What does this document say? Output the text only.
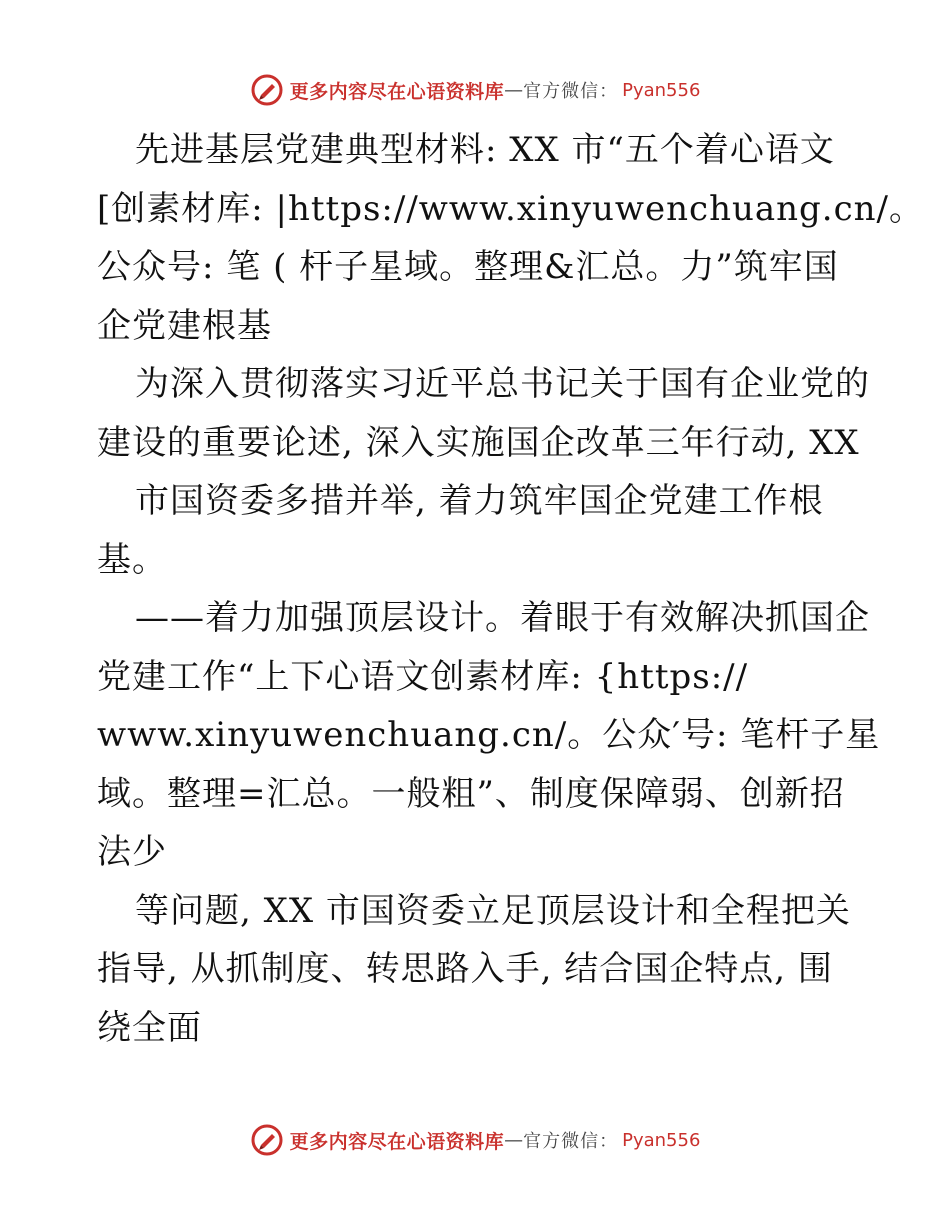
更多内容尽在心语资料库 — 官方微信： Pyan556
先进基层党建典型材料: XX 市“五个着心语文
[创素材库: |https://www.xinyuwenchuang.cn/。
公众号: 笔 ( 杆子星域。整理&汇总。力”筑牢国
企党建根基
为深入贯彻落实习近平总书记关于国有企业党的
建设的重要论述, 深入实施国企改革三年行动, XX
市国资委多措并举, 着力筑牢国企党建工作根
基。
——着力加强顶层设计。着眼于有效解决抓国企
党建工作“上下心语文创素材库: {https://
www.xinyuwenchuang.cn/。公众′号: 笔杆子星
域。整理=汇总。一般粗”、制度保障弱、创新招
法少
等问题, XX 市国资委立足顶层设计和全程把关
指导, 从抓制度、转思路入手, 结合国企特点, 围
绕全面
更多内容尽在心语资料库 — 官方微信： Pyan556
